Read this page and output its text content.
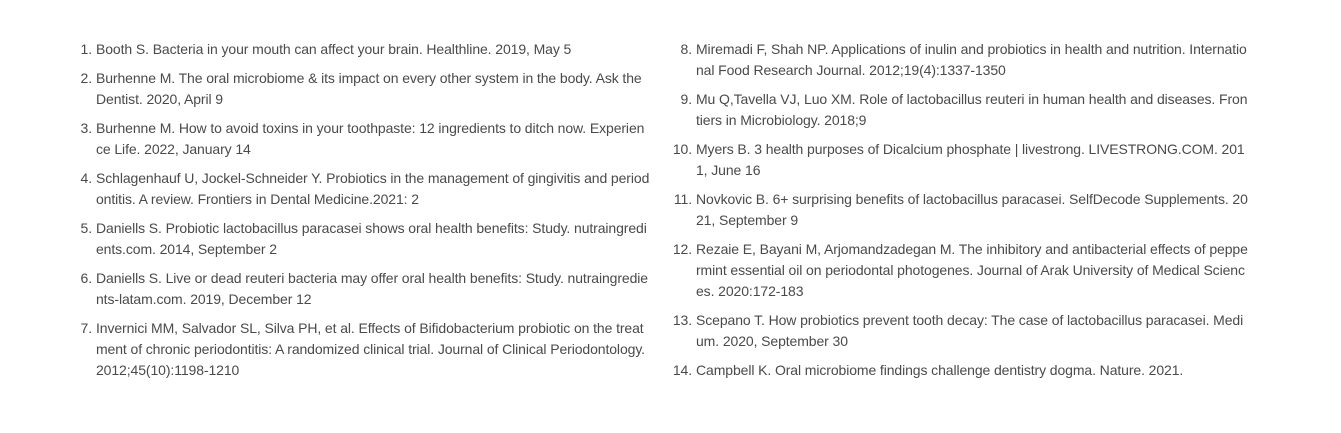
1. Booth S. Bacteria in your mouth can affect your brain. Healthline. 2019, May 5
2. Burhenne M. The oral microbiome & its impact on every other system in the body. Ask the Dentist. 2020, April 9
3. Burhenne M. How to avoid toxins in your toothpaste: 12 ingredients to ditch now. Experience Life. 2022, January 14
4. Schlagenhauf U, Jockel-Schneider Y. Probiotics in the management of gingivitis and periodontitis. A review. Frontiers in Dental Medicine.2021: 2
5. Daniells S. Probiotic lactobacillus paracasei shows oral health benefits: Study. nutraingredients.com. 2014, September 2
6. Daniells S. Live or dead reuteri bacteria may offer oral health benefits: Study. nutraingredients-latam.com. 2019, December 12
7. Invernici MM, Salvador SL, Silva PH, et al. Effects of Bifidobacterium probiotic on the treatment of chronic periodontitis: A randomized clinical trial. Journal of Clinical Periodontology. 2012;45(10):1198-1210
8. Miremadi F, Shah NP. Applications of inulin and probiotics in health and nutrition. International Food Research Journal. 2012;19(4):1337-1350
9. Mu Q,Tavella VJ, Luo XM. Role of lactobacillus reuteri in human health and diseases. Frontiers in Microbiology. 2018;9
10. Myers B. 3 health purposes of Dicalcium phosphate | livestrong. LIVESTRONG.COM. 2011, June 16
11. Novkovic B. 6+ surprising benefits of lactobacillus paracasei. SelfDecode Supplements. 2021, September 9
12. Rezaie E, Bayani M, Arjomandzadegan M. The inhibitory and antibacterial effects of peppermint essential oil on periodontal photogenes. Journal of Arak University of Medical Sciences. 2020:172-183
13. Scepano T. How probiotics prevent tooth decay: The case of lactobacillus paracasei. Medium. 2020, September 30
14. Campbell K. Oral microbiome findings challenge dentistry dogma. Nature. 2021.
